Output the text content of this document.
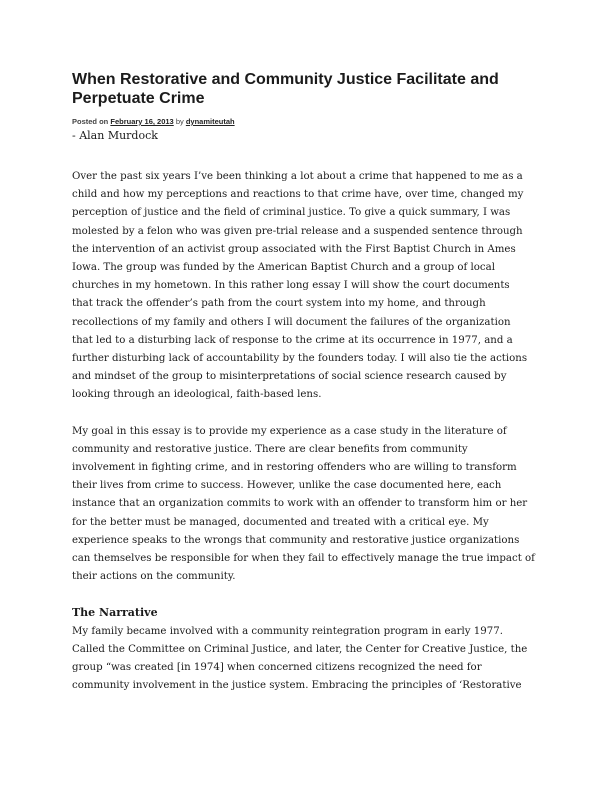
When Restorative and Community Justice Facilitate and Perpetuate Crime
Posted on February 16, 2013 by dynamiteutah
- Alan Murdock

Over the past six years I’ve been thinking a lot about a crime that happened to me as a
child and how my perceptions and reactions to that crime have, over time, changed my
perception of justice and the field of criminal justice. To give a quick summary, I was
molested by a felon who was given pre-trial release and a suspended sentence through
the intervention of an activist group associated with the First Baptist Church in Ames
Iowa. The group was funded by the American Baptist Church and a group of local
churches in my hometown. In this rather long essay I will show the court documents
that track the offender’s path from the court system into my home, and through
recollections of my family and others I will document the failures of the organization
that led to a disturbing lack of response to the crime at its occurrence in 1977, and a
further disturbing lack of accountability by the founders today. I will also tie the actions
and mindset of the group to misinterpretations of social science research caused by
looking through an ideological, faith-based lens.

My goal in this essay is to provide my experience as a case study in the literature of
community and restorative justice. There are clear benefits from community
involvement in fighting crime, and in restoring offenders who are willing to transform
their lives from crime to success. However, unlike the case documented here, each
instance that an organization commits to work with an offender to transform him or her
for the better must be managed, documented and treated with a critical eye. My
experience speaks to the wrongs that community and restorative justice organizations
can themselves be responsible for when they fail to effectively manage the true impact of
their actions on the community.

The Narrative
My family became involved with a community reintegration program in early 1977.
Called the Committee on Criminal Justice, and later, the Center for Creative Justice, the
group “was created [in 1974] when concerned citizens recognized the need for
community involvement in the justice system. Embracing the principles of ‘Restorative
